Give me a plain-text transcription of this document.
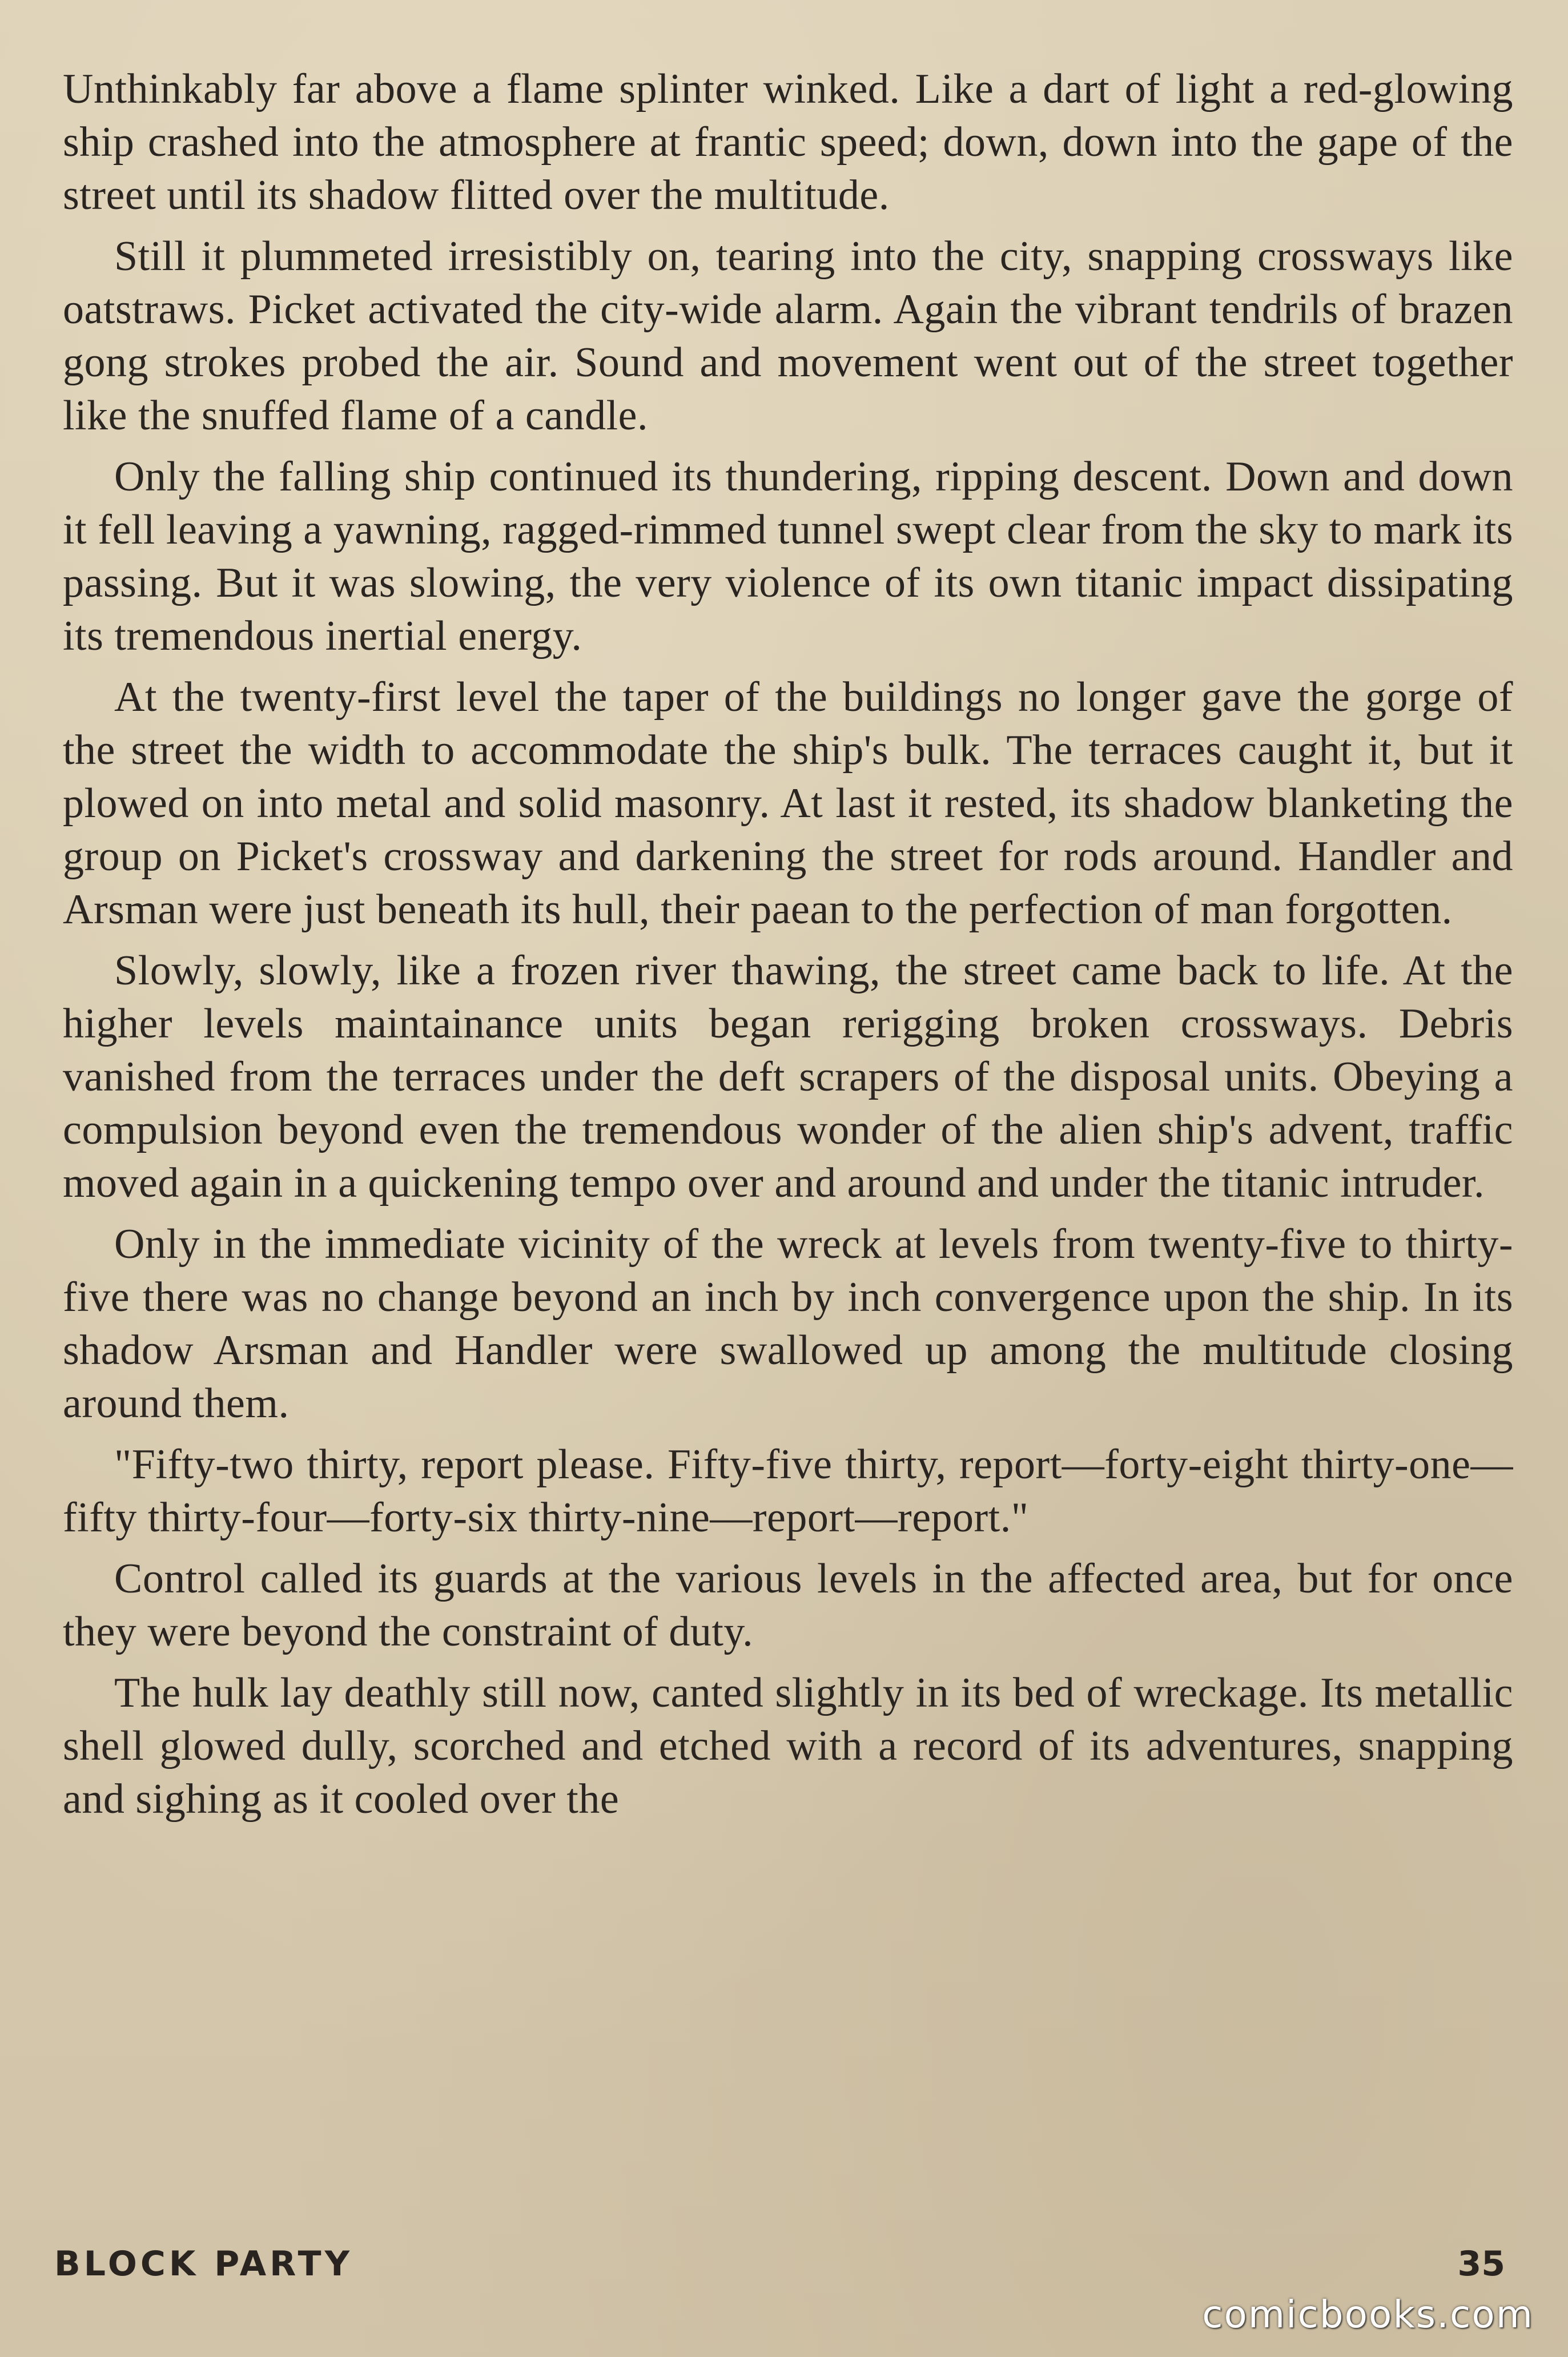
Unthinkably far above a flame splinter winked. Like a dart of light a red-glowing ship crashed into the atmosphere at frantic speed; down, down into the gape of the street until its shadow flitted over the multitude.

Still it plummeted irresistibly on, tearing into the city, snapping crossways like oatstraws. Picket activated the city-wide alarm. Again the vibrant tendrils of brazen gong strokes probed the air. Sound and movement went out of the street together like the snuffed flame of a candle.

Only the falling ship continued its thundering, ripping descent. Down and down it fell leaving a yawning, ragged-rimmed tunnel swept clear from the sky to mark its passing. But it was slowing, the very violence of its own titanic impact dissipating its tremendous inertial energy.

At the twenty-first level the taper of the buildings no longer gave the gorge of the street the width to accommodate the ship's bulk. The terraces caught it, but it plowed on into metal and solid masonry. At last it rested, its shadow blanketing the group on Picket's crossway and darkening the street for rods around. Handler and Arsman were just beneath its hull, their paean to the perfection of man forgotten.

Slowly, slowly, like a frozen river thawing, the street came back to life. At the higher levels maintainance units began rerigging broken crossways. Debris vanished from the terraces under the deft scrapers of the disposal units. Obeying a compulsion beyond even the tremendous wonder of the alien ship's advent, traffic moved again in a quickening tempo over and around and under the titanic intruder.

Only in the immediate vicinity of the wreck at levels from twenty-five to thirty-five there was no change beyond an inch by inch convergence upon the ship. In its shadow Arsman and Handler were swallowed up among the multitude closing around them.

"Fifty-two thirty, report please. Fifty-five thirty, report—forty-eight thirty-one—fifty thirty-four—forty-six thirty-nine—report—report."

Control called its guards at the various levels in the affected area, but for once they were beyond the constraint of duty.

The hulk lay deathly still now, canted slightly in its bed of wreckage. Its metallic shell glowed dully, scorched and etched with a record of its adventures, snapping and sighing as it cooled over the

BLOCK PARTY	35
comicbooks.com
